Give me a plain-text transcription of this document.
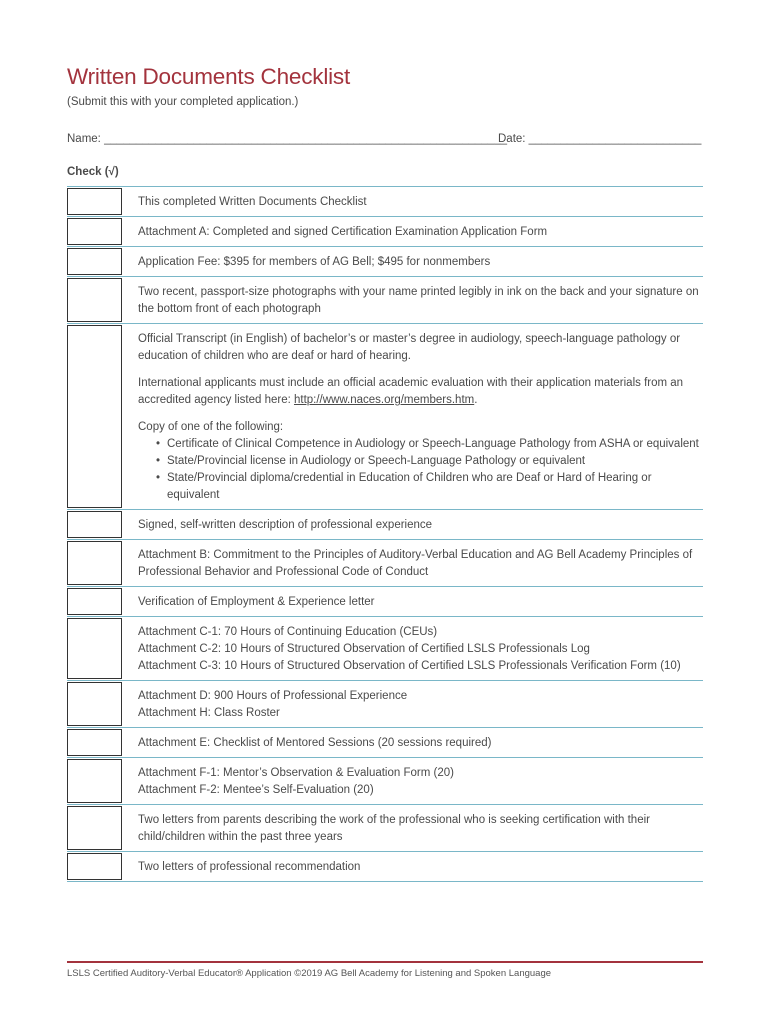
Written Documents Checklist
(Submit this with your completed application.)
Name: _______________________________________________________________
Date: ___________________________
Check (√)
This completed Written Documents Checklist
Attachment A: Completed and signed Certification Examination Application Form
Application Fee: $395 for members of AG Bell; $495 for nonmembers
Two recent, passport-size photographs with your name printed legibly in ink on the back and your signature on the bottom front of each photograph
Official Transcript (in English) of bachelor’s or master’s degree in audiology, speech-language pathology or education of children who are deaf or hard of hearing.
International applicants must include an official academic evaluation with their application materials from an accredited agency listed here: http://www.naces.org/members.htm.
Copy of one of the following:
• Certificate of Clinical Competence in Audiology or Speech-Language Pathology from ASHA or equivalent
• State/Provincial license in Audiology or Speech-Language Pathology or equivalent
• State/Provincial diploma/credential in Education of Children who are Deaf or Hard of Hearing or equivalent
Signed, self-written description of professional experience
Attachment B: Commitment to the Principles of Auditory-Verbal Education and AG Bell Academy Principles of Professional Behavior and Professional Code of Conduct
Verification of Employment & Experience letter
Attachment C-1: 70 Hours of Continuing Education (CEUs)
Attachment C-2: 10 Hours of Structured Observation of Certified LSLS Professionals Log
Attachment C-3: 10 Hours of Structured Observation of Certified LSLS Professionals Verification Form (10)
Attachment D: 900 Hours of Professional Experience
Attachment H: Class Roster
Attachment E: Checklist of Mentored Sessions (20 sessions required)
Attachment F-1: Mentor’s Observation & Evaluation Form (20)
Attachment F-2: Mentee’s Self-Evaluation (20)
Two letters from parents describing the work of the professional who is seeking certification with their child/children within the past three years
Two letters of professional recommendation
LSLS Certified Auditory-Verbal Educator® Application ©2019 AG Bell Academy for Listening and Spoken Language
